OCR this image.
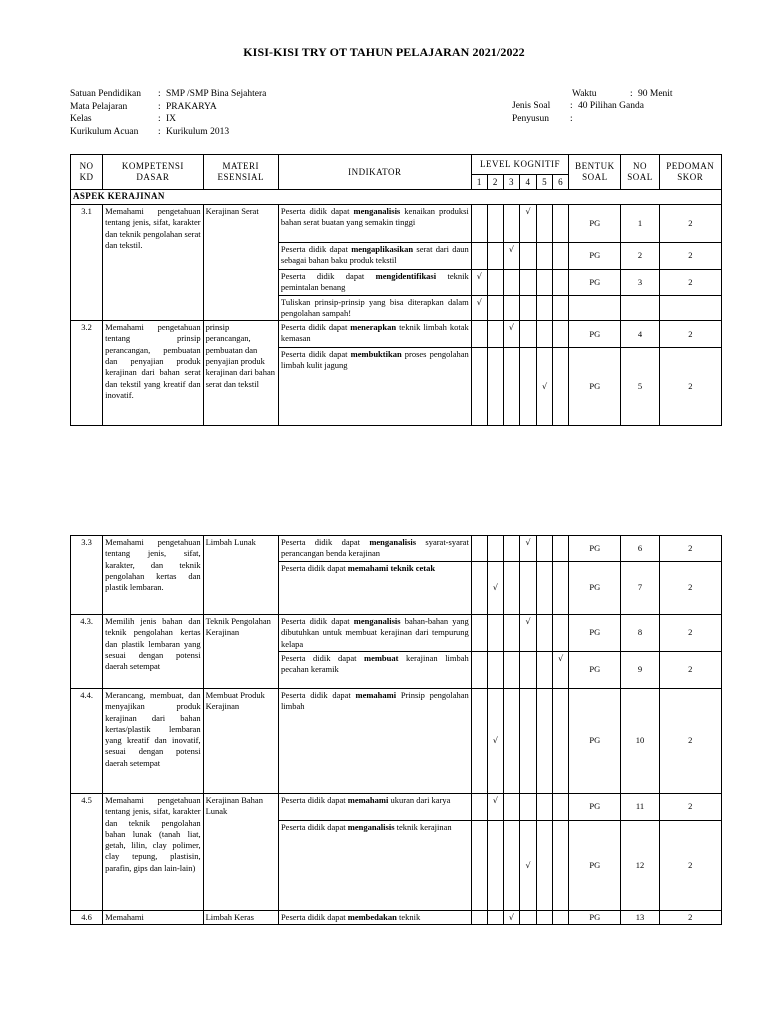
KISI-KISI TRY OT TAHUN PELAJARAN 2021/2022
Satuan Pendidikan	: SMP /SMP Bina Sejahtera
Mata Pelajaran	: PRAKARYA
Kelas	: IX
Kurikulum Acuan	: Kurikulum 2013
Waktu	: 90 Menit
Jenis Soal	: 40 Pilihan Ganda
Penyusun	:
NO KD	KOMPETENSI DASAR	MATERI ESENSIAL	INDIKATOR	LEVEL KOGNITIF						BENTUK SOAL	NO SOAL	PEDOMAN SKOR
				1	2	3	4	5	6			
ASPEK KERAJINAN												
3.1	Memahami pengetahuan tentang jenis, sifat, karakter dan teknik pengolahan serat dan tekstil.	Kerajinan Serat	Peserta didik dapat menganalisis kenaikan produksi bahan serat buatan yang semakin tinggi				√			PG	1	2
			Peserta didik dapat mengaplikasikan serat dari daun sebagai bahan baku produk tekstil			√				PG	2	2
			Peserta didik dapat mengidentifikasi teknik pemintalan benang	√						PG	3	2
			Tuliskan prinsip-prinsip yang bisa diterapkan dalam pengolahan sampah!	√								
3.2	Memahami pengetahuan tentang prinsip perancangan, pembuatan dan penyajian produk kerajinan dari bahan serat dan tekstil yang kreatif dan inovatif.	prinsip perancangan, pembuatan dan penyajian produk kerajinan dari bahan serat dan tekstil	Peserta didik dapat menerapkan teknik limbah kotak kemasan			√				PG	4	2
			Peserta didik dapat membuktikan proses pengolahan limbah kulit jagung					√		PG	5	2
3.3	Memahami pengetahuan tentang jenis, sifat, karakter, dan teknik pengolahan kertas dan plastik lembaran.	Limbah Lunak	Peserta didik dapat menganalisis syarat-syarat perancangan benda kerajinan				√			PG	6	2
			Peserta didik dapat memahami teknik cetak		√					PG	7	2
4.3.	Memilih jenis bahan dan teknik pengolahan kertas dan plastik lembaran yang sesuai dengan potensi daerah setempat	Teknik Pengolahan Kerajinan	Peserta didik dapat menganalisis bahan-bahan yang dibutuhkan untuk membuat kerajinan dari tempurung kelapa				√			PG	8	2
			Peserta didik dapat membuat kerajinan limbah pecahan keramik						√	PG	9	2
4.4.	Merancang, membuat, dan menyajikan produk kerajinan dari bahan kertas/plastik lembaran yang kreatif dan inovatif, sesuai dengan potensi daerah setempat	Membuat Produk Kerajinan	Peserta didik dapat memahami Prinsip pengolahan limbah		√					PG	10	2
4.5	Memahami pengetahuan tentang jenis, sifat, karakter dan teknik pengolahan bahan lunak (tanah liat, getah, lilin, clay polimer, clay tepung, plastisin, parafin, gips dan lain-lain)	Kerajinan Bahan Lunak	Peserta didik dapat memahami ukuran dari karya		√					PG	11	2
			Peserta didik dapat menganalisis teknik kerajinan				√			PG	12	2
4.6	Memahami	Limbah Keras	Peserta didik dapat membedakan teknik			√				PG	13	2
